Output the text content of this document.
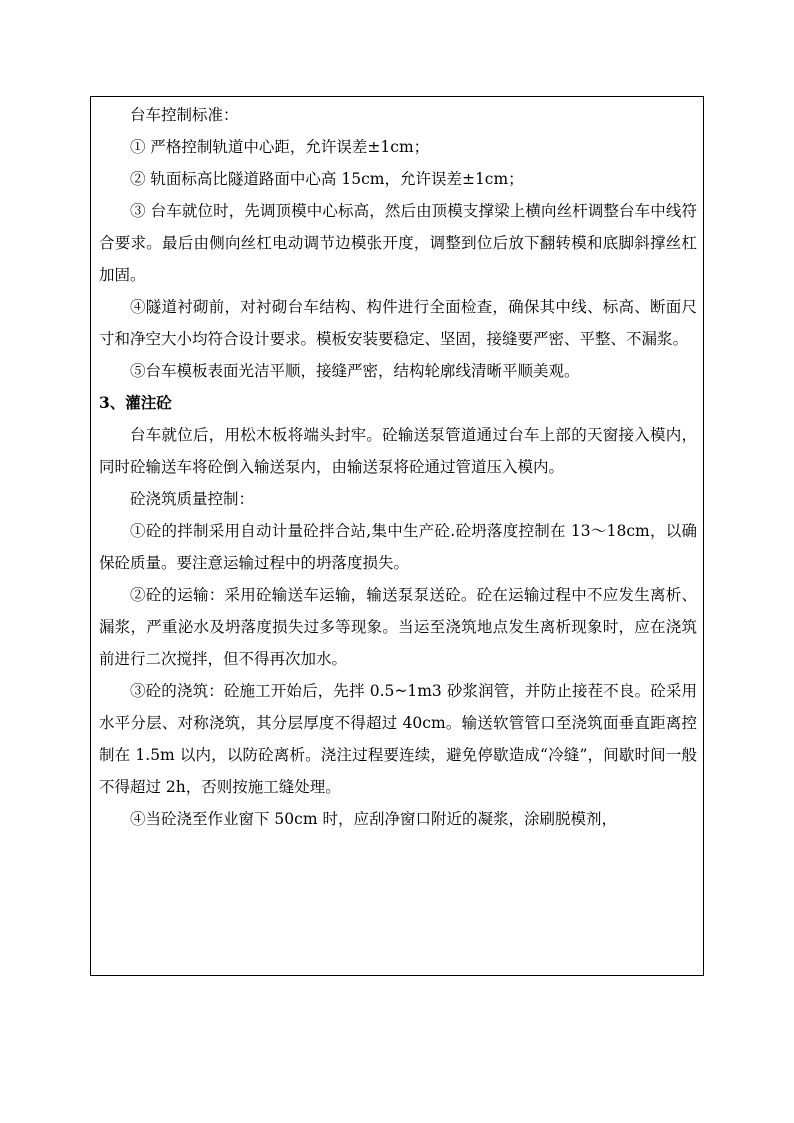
台车控制标准：

① 严格控制轨道中心距，允许误差±1cm；

② 轨面标高比隧道路面中心高 15cm，允许误差±1cm；

③ 台车就位时，先调顶模中心标高，然后由顶模支撑梁上横向丝杆调整台车中线符合要求。最后由侧向丝杠电动调节边模张开度，调整到位后放下翻转模和底脚斜撑丝杠加固。

④隧道衬砌前，对衬砌台车结构、构件进行全面检查，确保其中线、标高、断面尺寸和净空大小均符合设计要求。模板安装要稳定、坚固，接缝要严密、平整、不漏浆。

⑤台车模板表面光洁平顺，接缝严密，结构轮廓线清晰平顺美观。

3、灌注砼

台车就位后，用松木板将端头封牢。砼输送泵管道通过台车上部的天窗接入模内，同时砼输送车将砼倒入输送泵内，由输送泵将砼通过管道压入模内。

砼浇筑质量控制：

①砼的拌制采用自动计量砼拌合站,集中生产砼.砼坍落度控制在 13～18cm，以确保砼质量。要注意运输过程中的坍落度损失。

②砼的运输：采用砼输送车运输，输送泵泵送砼。砼在运输过程中不应发生离析、漏浆，严重泌水及坍落度损失过多等现象。当运至浇筑地点发生离析现象时，应在浇筑前进行二次搅拌，但不得再次加水。

③砼的浇筑：砼施工开始后，先拌 0.5~1m3 砂浆润管，并防止接茬不良。砼采用水平分层、对称浇筑，其分层厚度不得超过 40cm。输送软管管口至浇筑面垂直距离控制在 1.5m 以内，以防砼离析。浇注过程要连续，避免停歇造成“冷缝”，间歇时间一般不得超过 2h，否则按施工缝处理。

④当砼浇至作业窗下 50cm 时，应刮净窗口附近的凝浆，涂刷脱模剂，
